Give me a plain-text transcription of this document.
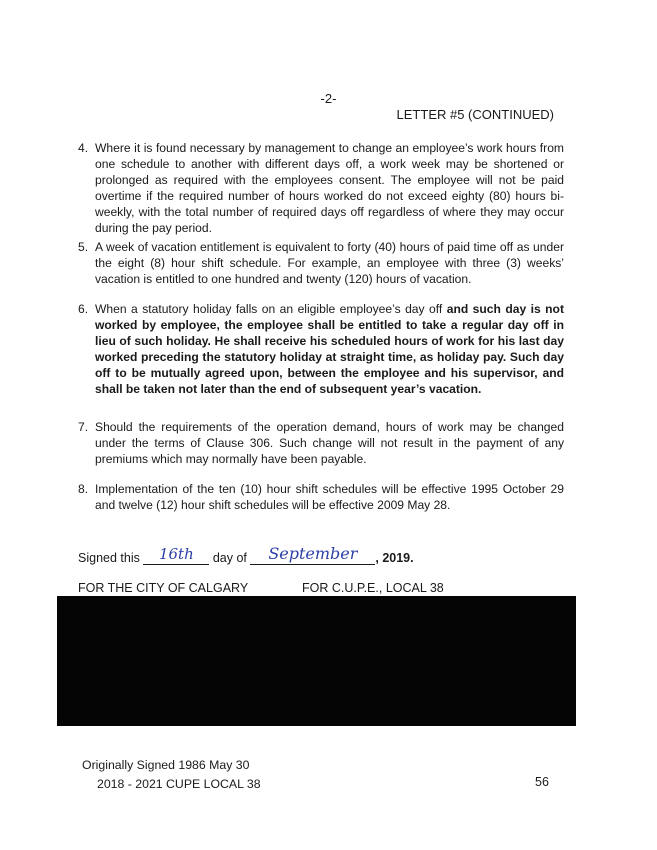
-2-
LETTER #5 (CONTINUED)
4. Where it is found necessary by management to change an employee’s work hours from one schedule to another with different days off, a work week may be shortened or prolonged as required with the employees consent. The employee will not be paid overtime if the required number of hours worked do not exceed eighty (80) hours bi-weekly, with the total number of required days off regardless of where they may occur during the pay period.
5. A week of vacation entitlement is equivalent to forty (40) hours of paid time off as under the eight (8) hour shift schedule. For example, an employee with three (3) weeks’ vacation is entitled to one hundred and twenty (120) hours of vacation.
6. When a statutory holiday falls on an eligible employee’s day off and such day is not worked by employee, the employee shall be entitled to take a regular day off in lieu of such holiday. He shall receive his scheduled hours of work for his last day worked preceding the statutory holiday at straight time, as holiday pay. Such day off to be mutually agreed upon, between the employee and his supervisor, and shall be taken not later than the end of subsequent year’s vacation.
7. Should the requirements of the operation demand, hours of work may be changed under the terms of Clause 306. Such change will not result in the payment of any premiums which may normally have been payable.
8. Implementation of the ten (10) hour shift schedules will be effective 1995 October 29 and twelve (12) hour shift schedules will be effective 2009 May 28.
Signed this	16th	day of	September	, 2019.
FOR THE CITY OF CALGARY	FOR C.U.P.E., LOCAL 38
Originally Signed 1986 May 30
2018 - 2021 CUPE LOCAL 38	56
